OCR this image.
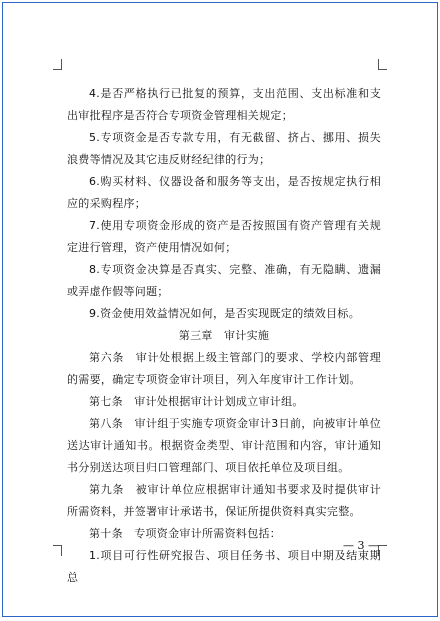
4.是否严格执行已批复的预算，支出范围、支出标准和支出审批程序是否符合专项资金管理相关规定；

5.专项资金是否专款专用，有无截留、挤占、挪用、损失浪费等情况及其它违反财经纪律的行为；

6.购买材料、仪器设备和服务等支出，是否按规定执行相应的采购程序；

7.使用专项资金形成的资产是否按照国有资产管理有关规定进行管理，资产使用情况如何；

8.专项资金决算是否真实、完整、准确，有无隐瞒、遗漏或弄虚作假等问题；

9.资金使用效益情况如何，是否实现既定的绩效目标。

第三章　审计实施

第六条　审计处根据上级主管部门的要求、学校内部管理的需要，确定专项资金审计项目，列入年度审计工作计划。

第七条　审计处根据审计计划成立审计组。

第八条　审计组于实施专项资金审计3日前，向被审计单位送达审计通知书。根据资金类型、审计范围和内容，审计通知书分别送达项目归口管理部门、项目依托单位及项目组。

第九条　被审计单位应根据审计通知书要求及时提供审计所需资料，并签署审计承诺书，保证所提供资料真实完整。

第十条　专项资金审计所需资料包括：

1.项目可行性研究报告、项目任务书、项目中期及结束期总

— 3 —
